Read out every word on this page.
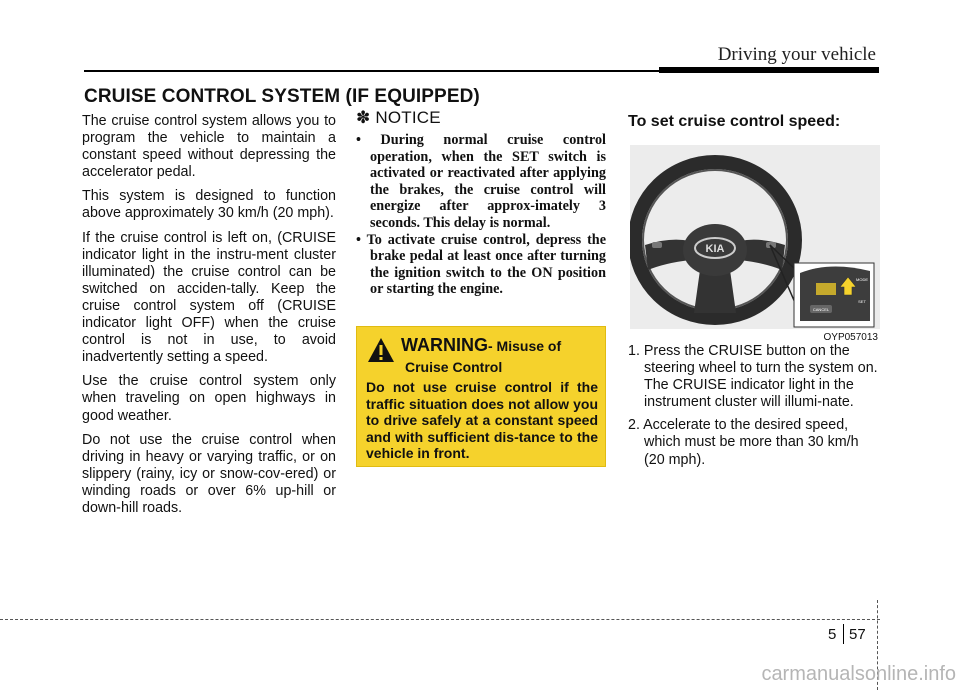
Driving your vehicle
CRUISE CONTROL SYSTEM (IF EQUIPPED)

The cruise control system allows you to program the vehicle to maintain a constant speed without depressing the accelerator pedal.

This system is designed to function above approximately 30 km/h (20 mph).

If the cruise control is left on, (CRUISE indicator light in the instru-ment cluster illuminated) the cruise control can be switched on acciden-tally. Keep the cruise control system off (CRUISE indicator light OFF) when the cruise control is not in use, to avoid inadvertently setting a speed.

Use the cruise control system only when traveling on open highways in good weather.

Do not use the cruise control when driving in heavy or varying traffic, or on slippery (rainy, icy or snow-cov-ered) or winding roads or over 6% up-hill or down-hill roads.

✽ NOTICE
• During normal cruise control operation, when the SET switch is activated or reactivated after applying the brakes, the cruise control will energize after approx-imately 3 seconds. This delay is normal.
• To activate cruise control, depress the brake pedal at least once after turning the ignition switch to the ON position or starting the engine.
WARNING - Misuse of
Cruise Control
Do not use cruise control if the traffic situation does not allow you to drive safely at a constant speed and with sufficient dis-tance to the vehicle in front.
To set cruise control speed:
KIA
CANCEL
SET
MODE
OYP057013
1. Press the CRUISE button on the steering wheel to turn the system on. The CRUISE indicator light in the instrument cluster will illumi-nate.
2. Accelerate to the desired speed, which must be more than 30 km/h (20 mph).
5 57
carmanualsonline.info
